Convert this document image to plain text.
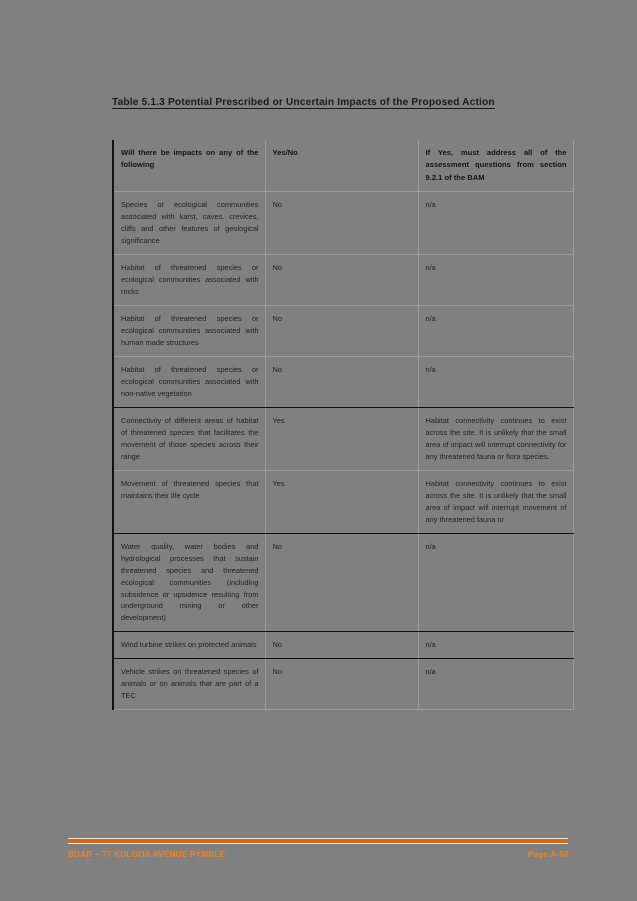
Table 5.1.3 Potential Prescribed or Uncertain Impacts of the Proposed Action
Will there be impacts on any of the following	Yes/No	If Yes, must address all of the assessment questions from section 9.2.1 of the BAM
Species or ecological communities associated with karst, caves, crevices, cliffs and other features of geological significance	No	n/a
Habitat of threatened species or ecological communities associated with rocks	No	n/a
Habitat of threatened species or ecological communities associated with human made structures	No	n/a
Habitat of threatened species or ecological communities associated with non-native vegetation	No	n/a
Connectivity of different areas of habitat of threatened species that facilitates the movement of those species across their range	Yes	Habitat connectivity continues to exist across the site. It is unlikely that the small area of impact will interrupt connectivity for any threatened fauna or flora species.
Movement of threatened species that maintains their life cycle	Yes	Habitat connectivity continues to exist across the site. It is unlikely that the small area of impact will interrupt movement of any threatened fauna or
Water quality, water bodies and hydrological processes that sustain threatened species and threatened ecological communities (including subsidence or upsidence resulting from underground mining or other development)	No	n/a
Wind turbine strikes on protected animals	No	n/a
Vehicle strikes on threatened species of animals or on animals that are part of a TEC	No	n/a
BDAR – 77 KULGOA AVENUE PYMBLE	Page A-58
